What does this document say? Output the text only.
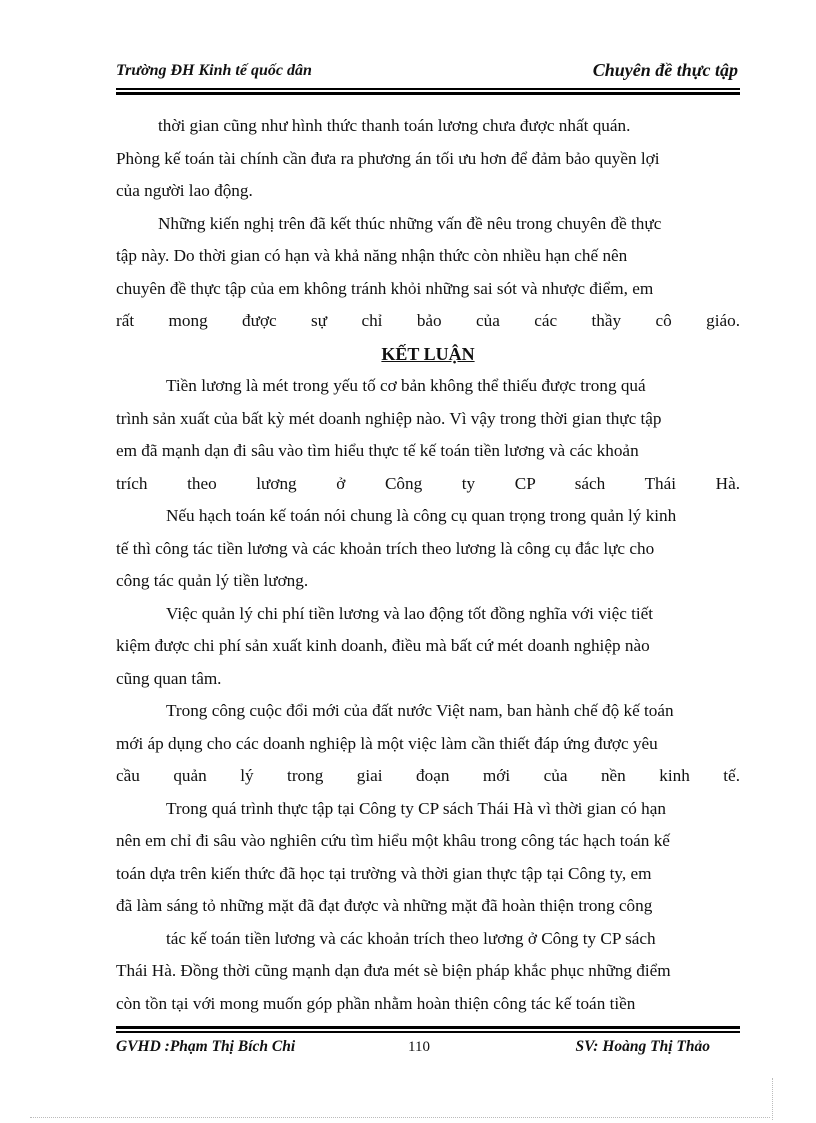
Trường ĐH Kinh tế quốc dân	Chuyên đề thực tập
thời gian cũng như hình thức thanh toán lương chưa được nhất quán.
Phòng kế toán tài chính cần đưa ra phương án tối ưu hơn để đảm bảo quyền lợi
của người lao động.
Những kiến nghị trên đã kết thúc những vấn đề nêu trong chuyên đề thực
tập này. Do thời gian có hạn và khả năng nhận thức còn nhiều hạn chế nên
chuyên đề thực tập của em không tránh khỏi những sai sót và nhược điểm, em
rất mong được sự chỉ bảo của các thầy cô giáo.
KẾT LUẬN
Tiền lương là mét trong yếu tố cơ bản không thể thiếu được trong quá
trình sản xuất của bất kỳ mét doanh nghiệp nào. Vì vậy trong thời gian thực tập
em đã mạnh dạn đi sâu vào tìm hiểu thực tế kế toán tiền lương và các khoản
trích theo lương ở Công ty CP sách Thái Hà.
Nếu hạch toán kế toán nói chung là công cụ quan trọng trong quản lý kinh
tế thì công tác tiền lương và các khoản trích theo lương là công cụ đắc lực cho
công tác quản lý tiền lương.
Việc quản lý chi phí tiền lương và lao động tốt đồng nghĩa với việc tiết
kiệm được chi phí sản xuất kinh doanh, điều mà bất cứ mét doanh nghiệp nào
cũng quan tâm.
Trong công cuộc đổi mới của đất nước Việt nam, ban hành chế độ kế toán
mới áp dụng cho các doanh nghiệp là một việc làm cần thiết đáp ứng được yêu
cầu quản lý trong giai đoạn mới của nền kinh tế.
Trong quá trình thực tập tại Công ty CP sách Thái Hà vì thời gian có hạn
nên em chỉ đi sâu vào nghiên cứu tìm hiểu một khâu trong công tác hạch toán kế
toán dựa trên kiến thức đã học tại trường và thời gian thực tập tại Công ty, em
đã làm sáng tỏ những mặt đã đạt được và những mặt đã hoàn thiện trong công
tác kế toán tiền lương và các khoản trích theo lương ở Công ty CP sách
Thái Hà. Đồng thời cũng mạnh dạn đưa mét sè biện pháp khắc phục những điểm
còn tồn tại với mong muốn góp phần nhằm hoàn thiện công tác kế toán tiền
GVHD :Phạm Thị Bích Chi	110	SV: Hoàng Thị Thảo
